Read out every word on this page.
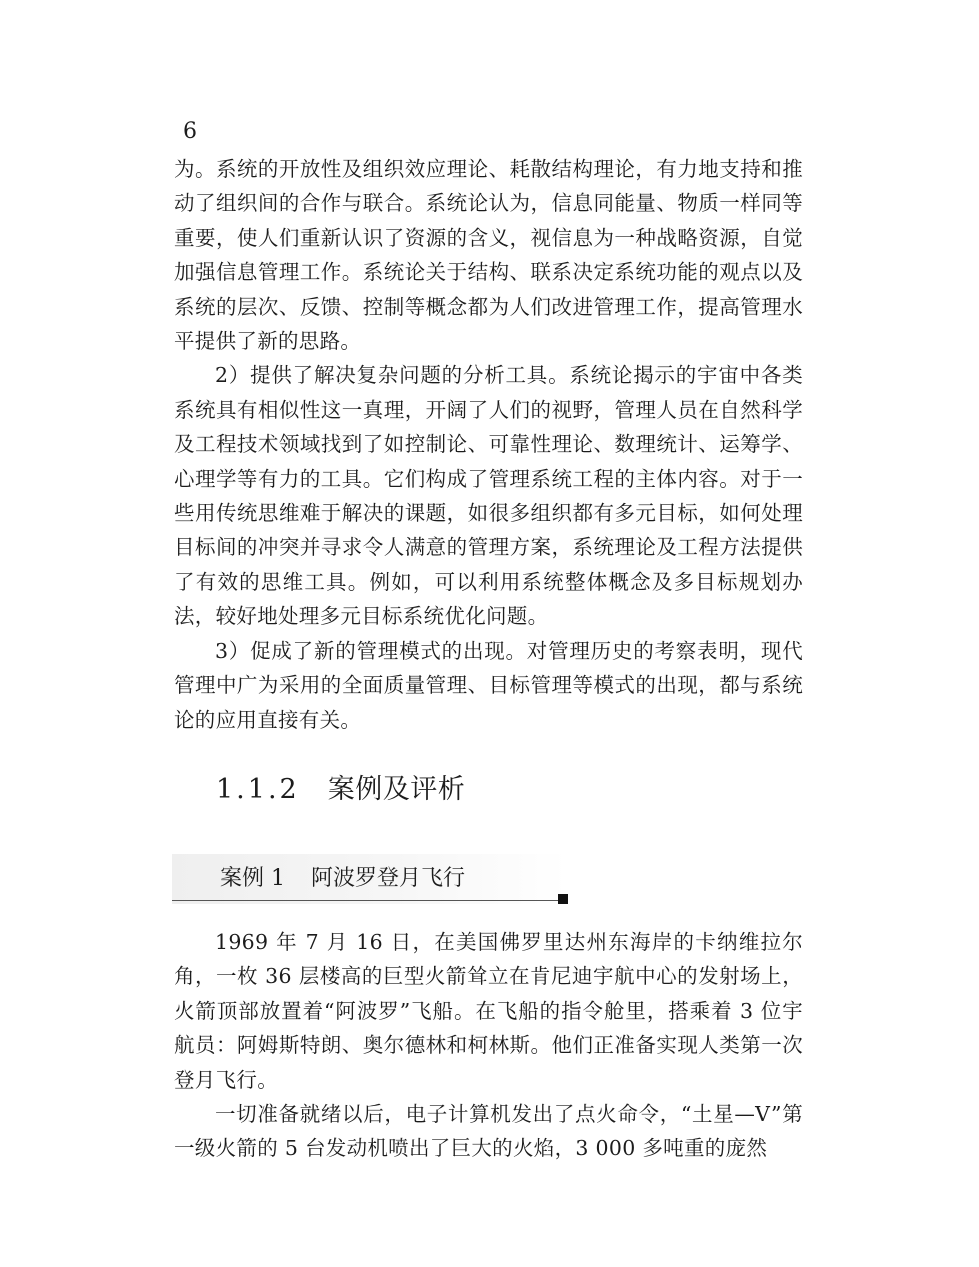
6

为。系统的开放性及组织效应理论、耗散结构理论，有力地支持和推动了组织间的合作与联合。系统论认为，信息同能量、物质一样同等重要，使人们重新认识了资源的含义，视信息为一种战略资源，自觉加强信息管理工作。系统论关于结构、联系决定系统功能的观点以及系统的层次、反馈、控制等概念都为人们改进管理工作，提高管理水平提供了新的思路。

2）提供了解决复杂问题的分析工具。系统论揭示的宇宙中各类系统具有相似性这一真理，开阔了人们的视野，管理人员在自然科学及工程技术领域找到了如控制论、可靠性理论、数理统计、运筹学、心理学等有力的工具。它们构成了管理系统工程的主体内容。对于一些用传统思维难于解决的课题，如很多组织都有多元目标，如何处理目标间的冲突并寻求令人满意的管理方案，系统理论及工程方法提供了有效的思维工具。例如，可以利用系统整体概念及多目标规划办法，较好地处理多元目标系统优化问题。

3）促成了新的管理模式的出现。对管理历史的考察表明，现代管理中广为采用的全面质量管理、目标管理等模式的出现，都与系统论的应用直接有关。

1.1.2 案例及评析
案例 1 阿波罗登月飞行

1969 年 7 月 16 日，在美国佛罗里达州东海岸的卡纳维拉尔角，一枚 36 层楼高的巨型火箭耸立在肯尼迪宇航中心的发射场上，火箭顶部放置着“阿波罗”飞船。在飞船的指令舱里，搭乘着 3 位宇航员：阿姆斯特朗、奥尔德林和柯林斯。他们正准备实现人类第一次登月飞行。

一切准备就绪以后，电子计算机发出了点火命令，“土星—V”第一级火箭的 5 台发动机喷出了巨大的火焰，3 000 多吨重的庞然
